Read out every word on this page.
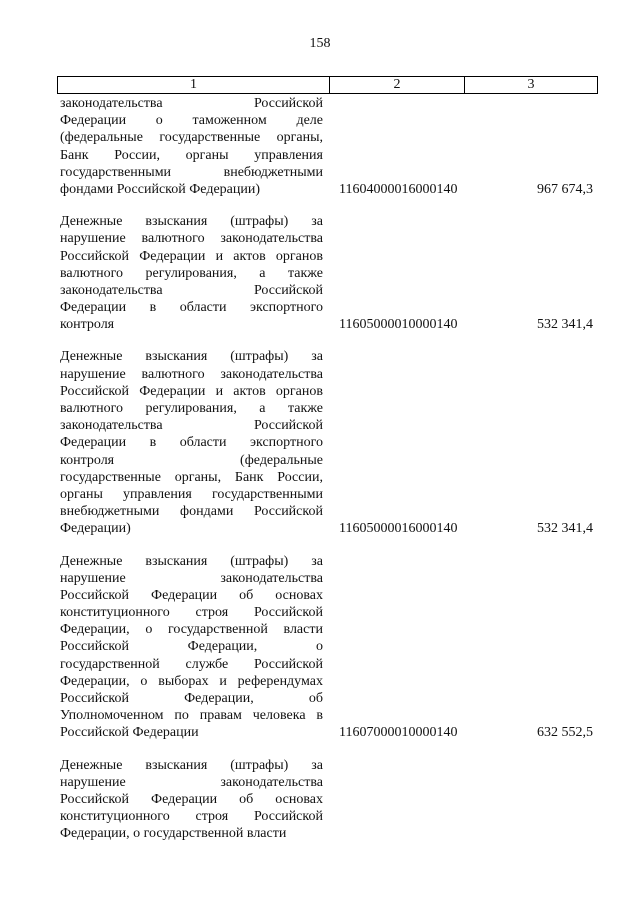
158
1	2	3
законодательства Российской
Федерации о таможенном деле
(федеральные государственные органы,
Банк России, органы управления
государственными внебюджетными
фондами Российской Федерации)	11604000016000140	967 674,3
Денежные взыскания (штрафы) за
нарушение валютного законодательства
Российской Федерации и актов органов
валютного регулирования, а также
законодательства Российской
Федерации в области экспортного
контроля	11605000010000140	532 341,4
Денежные взыскания (штрафы) за
нарушение валютного законодательства
Российской Федерации и актов органов
валютного регулирования, а также
законодательства Российской
Федерации в области экспортного
контроля (федеральные
государственные органы, Банк России,
органы управления государственными
внебюджетными фондами Российской
Федерации)	11605000016000140	532 341,4
Денежные взыскания (штрафы) за
нарушение законодательства
Российской Федерации об основах
конституционного строя Российской
Федерации, о государственной власти
Российской Федерации, о
государственной службе Российской
Федерации, о выборах и референдумах
Российской Федерации, об
Уполномоченном по правам человека в
Российской Федерации	11607000010000140	632 552,5
Денежные взыскания (штрафы) за
нарушение законодательства
Российской Федерации об основах
конституционного строя Российской
Федерации, о государственной власти
